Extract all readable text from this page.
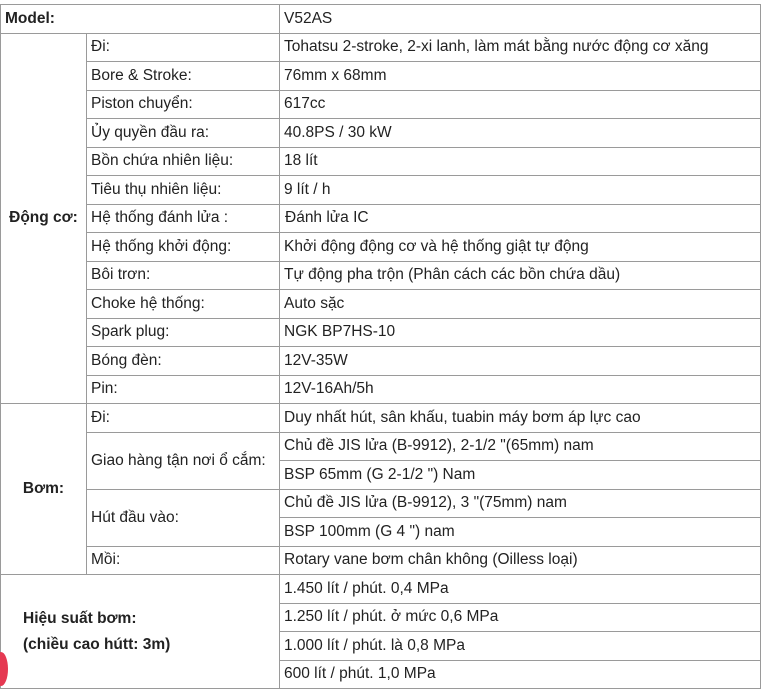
Model:		V52AS
Động cơ:	Đi:	Tohatsu 2-stroke, 2-xi lanh, làm mát bằng nước động cơ xăng
	Bore & Stroke:	76mm x 68mm
	Piston chuyển:	617cc
	Ủy quyền đầu ra:	40.8PS / 30 kW
	Bồn chứa nhiên liệu:	18 lít
	Tiêu thụ nhiên liệu:	9 lít / h
	Hệ thống đánh lửa :	Đánh lửa IC
	Hệ thống khởi động:	Khởi động động cơ và hệ thống giật tự động
	Bôi trơn:	Tự động pha trộn (Phân cách các bồn chứa dầu)
	Choke hệ thống:	Auto sặc
	Spark plug:	NGK BP7HS-10
	Bóng đèn:	12V-35W
	Pin:	12V-16Ah/5h
Bơm:	Đi:	Duy nhất hút, sân khấu, tuabin máy bơm áp lực cao
	Giao hàng tận nơi ổ cắm:	Chủ đề JIS lửa (B-9912), 2-1/2 "(65mm) nam
		BSP 65mm (G 2-1/2 ") Nam
	Hút đầu vào:	Chủ đề JIS lửa (B-9912), 3 "(75mm) nam
		BSP 100mm (G 4 ") nam
	Mồi:	Rotary vane bơm chân không (Oilless loại)

Hiệu suất bơm:
(chiều cao hútt: 3m)		1.450 lít / phút. 0,4 MPa
		1.250 lít / phút. ở mức 0,6 MPa
		1.000 lít / phút. là 0,8 MPa
		600 lít / phút. 1,0 MPa
